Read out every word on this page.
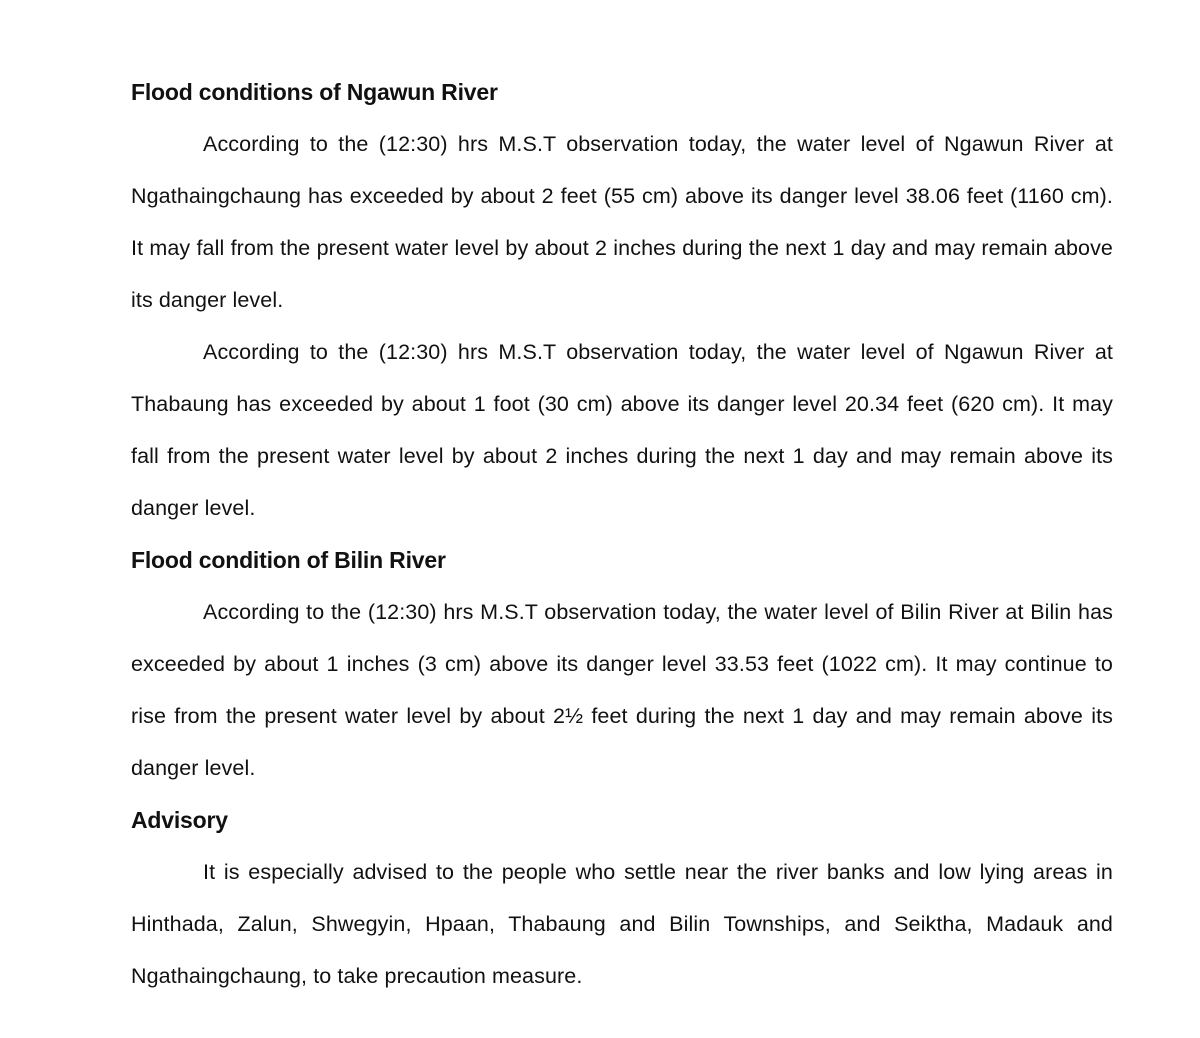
Flood conditions of Ngawun River

According to the (12:30) hrs M.S.T observation today, the water level of Ngawun River at Ngathaingchaung has exceeded by about 2 feet (55 cm) above its danger level 38.06 feet (1160 cm). It may fall from the present water level by about 2 inches during the next 1 day and may remain above its danger level.

According to the (12:30) hrs M.S.T observation today, the water level of Ngawun River at Thabaung has exceeded by about 1 foot (30 cm) above its danger level 20.34 feet (620 cm). It may fall from the present water level by about 2 inches during the next 1 day and may remain above its danger level.

Flood condition of Bilin River

According to the (12:30) hrs M.S.T observation today, the water level of Bilin River at Bilin has exceeded by about 1 inches (3 cm) above its danger level 33.53 feet (1022 cm). It may continue to rise from the present water level by about 2½ feet during the next 1 day and may remain above its danger level.

Advisory

It is especially advised to the people who settle near the river banks and low lying areas in Hinthada, Zalun, Shwegyin, Hpaan, Thabaung and Bilin Townships, and Seiktha, Madauk and Ngathaingchaung, to take precaution measure.
